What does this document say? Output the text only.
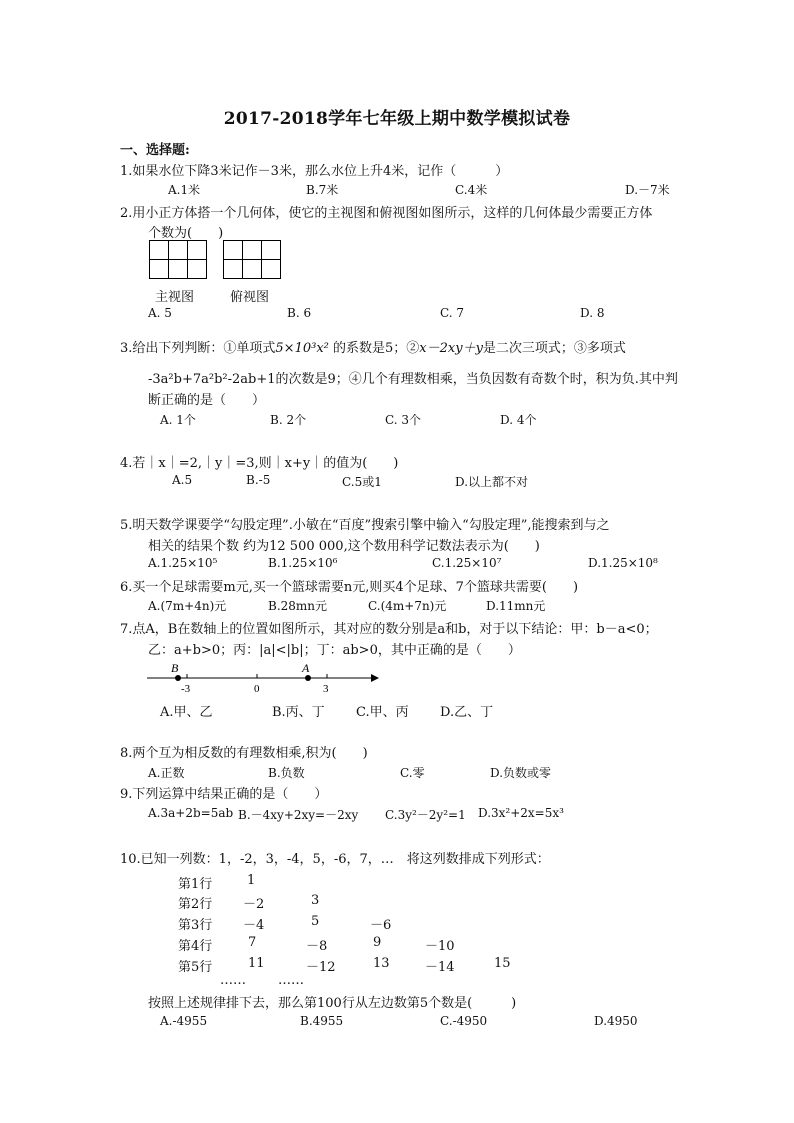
2017-2018学年七年级上期中数学模拟试卷
一、选择题:
1.如果水位下降3米记作－3米，那么水位上升4米，记作（　　　）
A.1米	B.7米	C.4米	D.－7米
2.用小正方体搭一个几何体，使它的主视图和俯视图如图所示，这样的几何体最少需要正方体
个数为(　　)
主视图	俯视图
A. 5	B. 6	C. 7	D. 8
3.给出下列判断：①单项式5×10³x² 的系数是5；②x－2xy＋y是二次三项式；③多项式
-3a²b+7a²b²-2ab+1的次数是9；④几个有理数相乘，当负因数有奇数个时，积为负.其中判
断正确的是（　　）
A. 1个	B. 2个	C. 3个	D. 4个
4.若｜x｜=2,｜y｜=3,则｜x+y｜的值为(　　)
A.5	B.-5	C.5或1	D.以上都不对
5.明天数学课要学“勾股定理”.小敏在“百度”搜索引擎中输入“勾股定理”,能搜索到与之
相关的结果个数 约为12 500 000,这个数用科学记数法表示为(　　)
A.1.25×10⁵	B.1.25×10⁶	C.1.25×10⁷	D.1.25×10⁸
6.买一个足球需要m元,买一个篮球需要n元,则买4个足球、7个篮球共需要(　　)
A.(7m+4n)元	B.28mn元	C.(4m+7n)元	D.11mn元
7.点A，B在数轴上的位置如图所示，其对应的数分别是a和b，对于以下结论：甲：b－a<0；
乙：a+b>0；丙：|a|<|b|；丁：ab>0，其中正确的是（　　）
B	A
-3	0	3
A.甲、乙	B.丙、丁 C.甲、丙 D.乙、丁
8.两个互为相反数的有理数相乘,积为(　　)
A.正数	B.负数	C.零	D.负数或零
9.下列运算中结果正确的是（　　）
A.3a+2b=5ab B.－4xy+2xy=－2xy C.3y²－2y²=1 D.3x²+2x=5x³
10.已知一列数：1，-2，3，-4，5，-6，7，…　将这列数排成下列形式：
第1行	1
第2行 －2	3
第3行 －4	5	－6
第4行	7	－8	9	－10
第5行	11	－12	13	－14	15
…… ……
按照上述规律排下去，那么第100行从左边数第5个数是(　　　)
A.-4955	B.4955	C.-4950	D.4950
